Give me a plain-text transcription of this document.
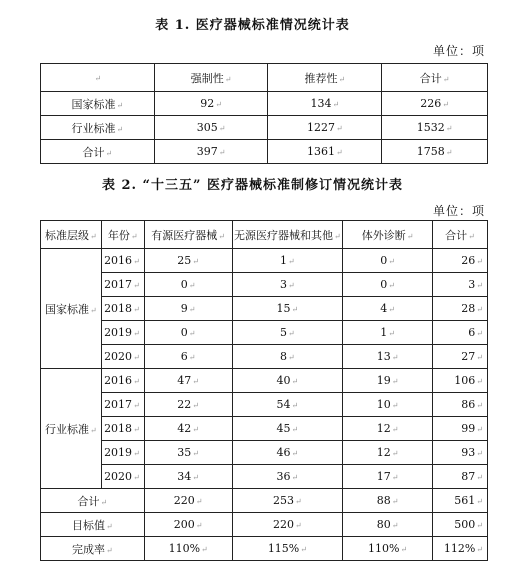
表 1. 医疗器械标准情况统计表
单位：项
↵	强制性↵	推荐性↵	合计↵
国家标准↵	92↵	134↵	226↵
行业标准↵	305↵	1227↵	1532↵
合计↵	397↵	1361↵	1758↵
表 2. “十三五” 医疗器械标准制修订情况统计表
单位：项
标准层级↵	年份↵	有源医疗器械↵	无源医疗器械和其他↵	体外诊断↵	合计↵
国家标准↵	2016↵	25↵	1↵	0↵	26↵
	2017↵	0↵	3↵	0↵	3↵
	2018↵	9↵	15↵	4↵	28↵
	2019↵	0↵	5↵	1↵	6↵
	2020↵	6↵	8↵	13↵	27↵
行业标准↵	2016↵	47↵	40↵	19↵	106↵
	2017↵	22↵	54↵	10↵	86↵
	2018↵	42↵	45↵	12↵	99↵
	2019↵	35↵	46↵	12↵	93↵
	2020↵	34↵	36↵	17↵	87↵
合计↵		220↵	253↵	88↵	561↵
目标值↵		200↵	220↵	80↵	500↵
完成率↵		110%↵	115%↵	110%↵	112%↵
